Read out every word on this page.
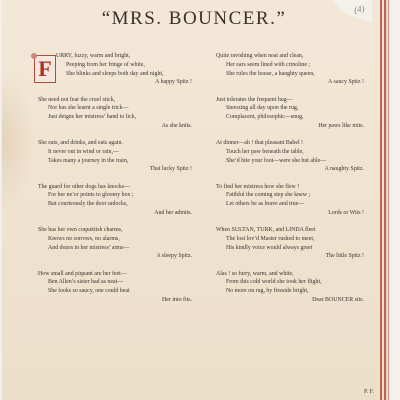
(4)
“MRS. BOUNCER.”
F URRY, fuzzy, warm and bright,
Peeping from her fringe of white,
She blinks and sleeps both day and night,
A happy Spitz !
She need not fear the cruel stick,
Nor has she learnt a single trick—
Just deigns her mistress’ hand to lick,
As she knits.
She eats, and drinks, and eats again.
It never out in wind or rain,—
Takes many a journey in the train,
That lucky Spitz !
The guard for other dogs has knocks—
For her ne’er points to gloomy box ;
But courteously the door unlocks,
And her admits.
She has her own coquettish charms,
Knows no sorrows, no alarms,
And dozes in her mistress’ arms—
A sleepy Spitz.
How small and piquant are her feet—
Ben Allen’s sister had as neat—
She looks so saucy, one could beat
Her into fits.
Quite ravishing when neat and clean,
Her ears seem lined with crinoline ;
She rules the house, a haughty queen,
A saucy Spitz !
Just tolerates the frequent hug—
Snoozing all day upon the rug,
Complacent, philosophic—snug,
Her paws like mits.
At dinner—ah ! that pleasant Babel !
Touch her paw beneath the table,
She’d bite your foot—were she but able—
A naughty Spitz.
To find her mistress how she flew !
Faithful the coming step she knew ;
Let others be as brave and true—
Lords or Wits !
When SULTAN, TURK, and LINDA fleet
The lost lov’d Master rushed to meet,
His kindly voice would always greet
The little Spitz !
Alas ! so furry, warm, and white,
From this cold world she took her flight,
No more on rug, by fireside bright,
Dear BOUNCER sits.
P. F.
